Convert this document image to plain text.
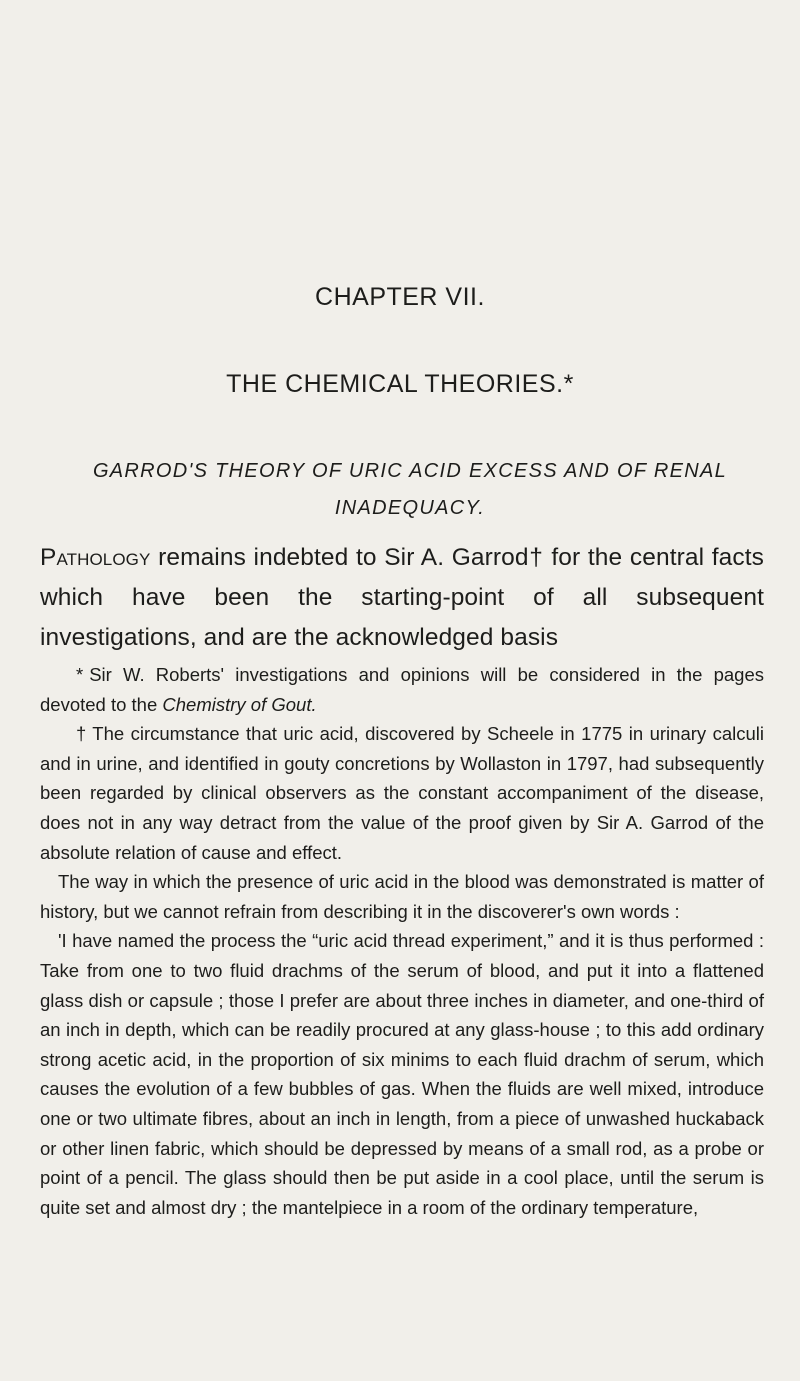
CHAPTER VII.
THE CHEMICAL THEORIES.*
GARROD'S THEORY OF URIC ACID EXCESS AND OF RENAL INADEQUACY.
Pathology remains indebted to Sir A. Garrod† for the central facts which have been the starting-point of all subsequent investigations, and are the acknowledged basis

* Sir W. Roberts' investigations and opinions will be considered in the pages devoted to the Chemistry of Gout.

† The circumstance that uric acid, discovered by Scheele in 1775 in urinary calculi and in urine, and identified in gouty concretions by Wollaston in 1797, had subsequently been regarded by clinical observers as the constant accompaniment of the disease, does not in any way detract from the value of the proof given by Sir A. Garrod of the absolute relation of cause and effect.

The way in which the presence of uric acid in the blood was demonstrated is matter of history, but we cannot refrain from describing it in the discoverer's own words :

'I have named the process the “uric acid thread experiment,” and it is thus performed : Take from one to two fluid drachms of the serum of blood, and put it into a flattened glass dish or capsule ; those I prefer are about three inches in diameter, and one-third of an inch in depth, which can be readily procured at any glass-house ; to this add ordinary strong acetic acid, in the proportion of six minims to each fluid drachm of serum, which causes the evolution of a few bubbles of gas. When the fluids are well mixed, introduce one or two ultimate fibres, about an inch in length, from a piece of unwashed huckaback or other linen fabric, which should be depressed by means of a small rod, as a probe or point of a pencil. The glass should then be put aside in a cool place, until the serum is quite set and almost dry ; the mantelpiece in a room of the ordinary temperature,
